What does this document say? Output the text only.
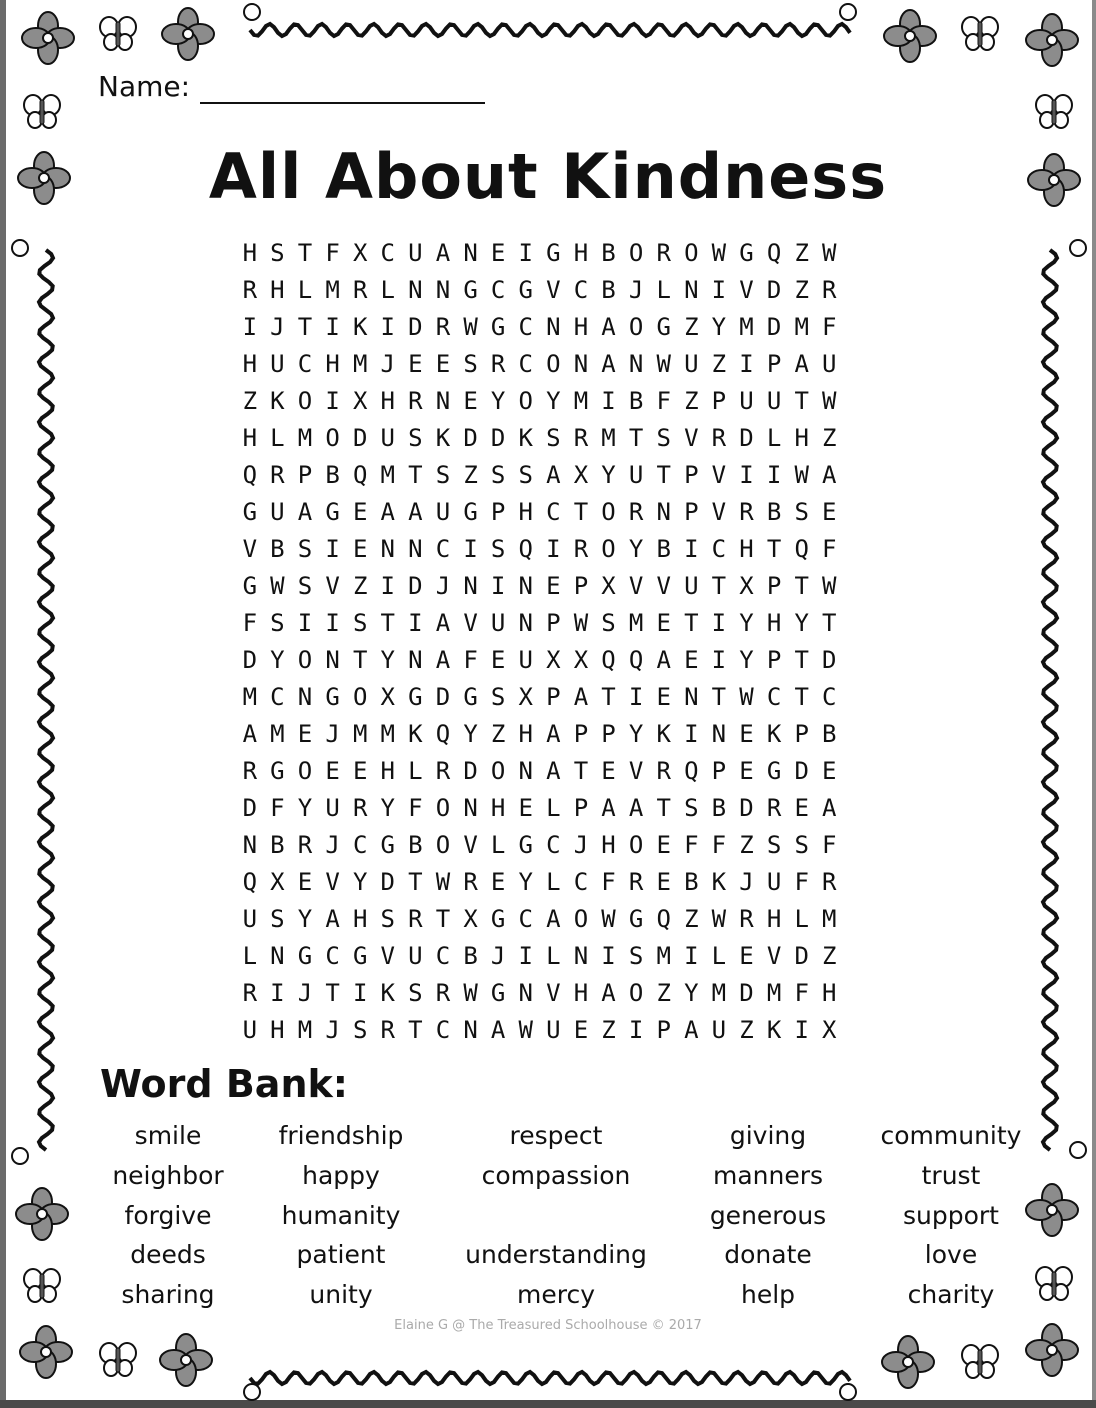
Name:
All About Kindness
H S T F X C U A N E I G H B O R O W G Q Z W
R H L M R L N N G C G V C B J L N I V D Z R
I J T I K I D R W G C N H A O G Z Y M D M F
H U C H M J E E S R C O N A N W U Z I P A U
Z K O I X H R N E Y O Y M I B F Z P U U T W
H L M O D U S K D D K S R M T S V R D L H Z
Q R P B Q M T S Z S S A X Y U T P V I I W A
G U A G E A A U G P H C T O R N P V R B S E
V B S I E N N C I S Q I R O Y B I C H T Q F
G W S V Z I D J N I N E P X V V U T X P T W
F S I I S T I A V U N P W S M E T I Y H Y T
D Y O N T Y N A F E U X X Q Q A E I Y P T D
M C N G O X G D G S X P A T I E N T W C T C
A M E J M M K Q Y Z H A P P Y K I N E K P B
R G O E E H L R D O N A T E V R Q P E G D E
D F Y U R Y F O N H E L P A A T S B D R E A
N B R J C G B O V L G C J H O E F F Z S S F
Q X E V Y D T W R E Y L C F R E B K J U F R
U S Y A H S R T X G C A O W G Q Z W R H L M
L N G C G V U C B J I L N I S M I L E V D Z
R I J T I K S R W G N V H A O Z Y M D M F H
U H M J S R T C N A W U E Z I P A U Z K I X
Word Bank:
smile
neighbor
forgive
deeds
sharing
friendship
happy
humanity
patient
unity
respect
compassion
understanding
mercy
giving
manners
generous
donate
help
community
trust
support
love
charity
Elaine G @ The Treasured Schoolhouse © 2017
